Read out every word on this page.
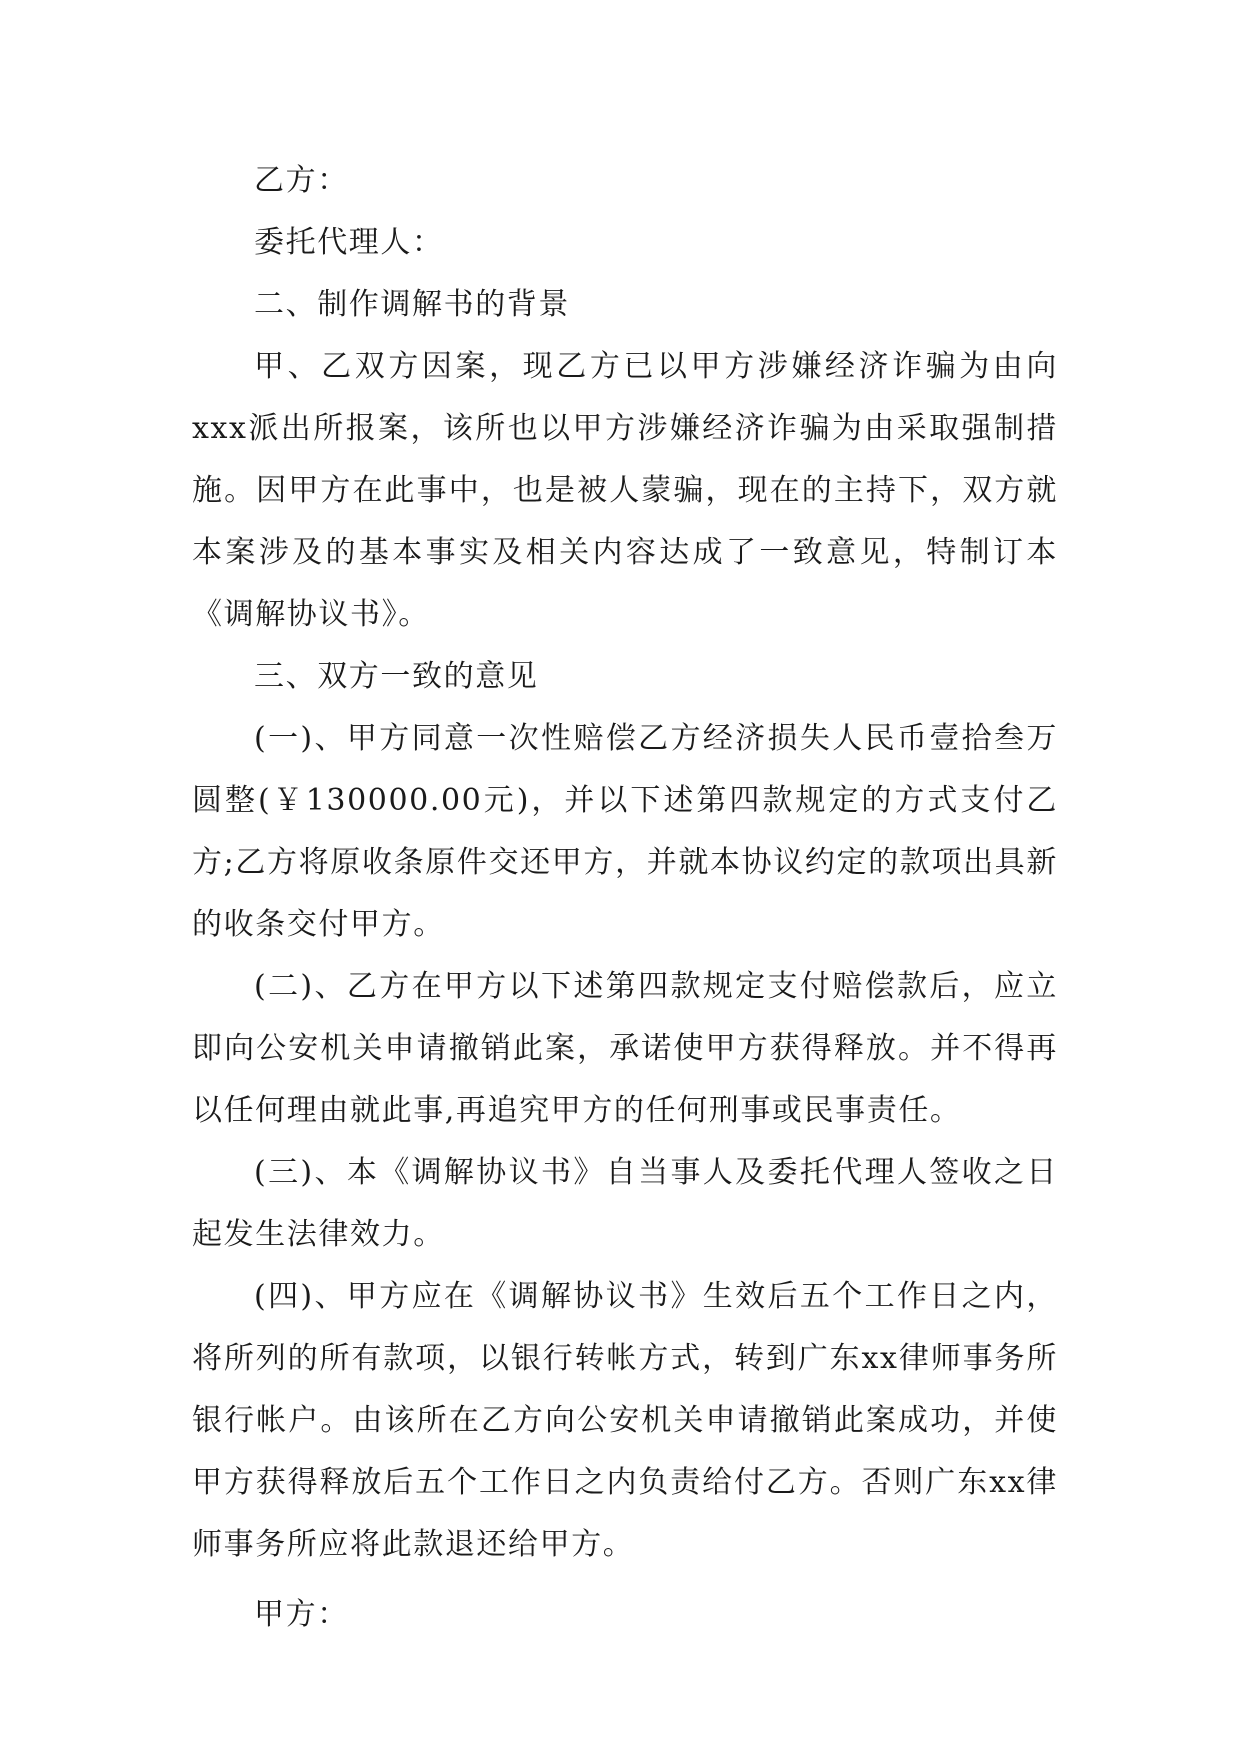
乙方：

委托代理人：

二、制作调解书的背景

甲、乙双方因案，现乙方已以甲方涉嫌经济诈骗为由向xxx派出所报案，该所也以甲方涉嫌经济诈骗为由采取强制措施。因甲方在此事中，也是被人蒙骗，现在的主持下，双方就本案涉及的基本事实及相关内容达成了一致意见，特制订本《调解协议书》。

三、双方一致的意见

(一)、甲方同意一次性赔偿乙方经济损失人民币壹拾叁万圆整(￥130000.00元)，并以下述第四款规定的方式支付乙方;乙方将原收条原件交还甲方，并就本协议约定的款项出具新的收条交付甲方。

(二)、乙方在甲方以下述第四款规定支付赔偿款后，应立即向公安机关申请撤销此案，承诺使甲方获得释放。并不得再以任何理由就此事,再追究甲方的任何刑事或民事责任。

(三)、本《调解协议书》自当事人及委托代理人签收之日起发生法律效力。

(四)、甲方应在《调解协议书》生效后五个工作日之内，将所列的所有款项，以银行转帐方式，转到广东xx律师事务所银行帐户。由该所在乙方向公安机关申请撤销此案成功，并使甲方获得释放后五个工作日之内负责给付乙方。否则广东xx律师事务所应将此款退还给甲方。

甲方：
